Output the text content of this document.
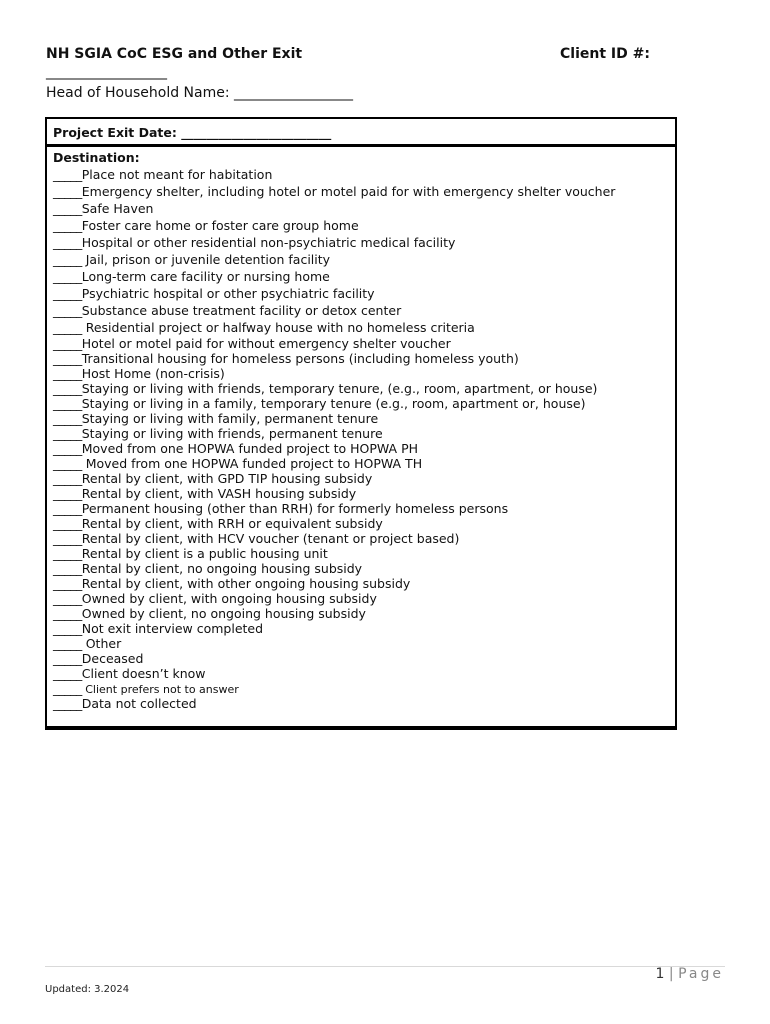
NH SGIA CoC ESG and Other Exit	Client ID #:
____________________
Head of Household Name: _________________
Project Exit Date: ________________________
Destination:
_____Place not meant for habitation
_____Emergency shelter, including hotel or motel paid for with emergency shelter voucher
_____Safe Haven
_____Foster care home or foster care group home
_____Hospital or other residential non-psychiatric medical facility
_____ Jail, prison or juvenile detention facility
_____Long-term care facility or nursing home
_____Psychiatric hospital or other psychiatric facility
_____Substance abuse treatment facility or detox center
_____ Residential project or halfway house with no homeless criteria
_____Hotel or motel paid for without emergency shelter voucher
_____Transitional housing for homeless persons (including homeless youth)
_____Host Home (non-crisis)
_____Staying or living with friends, temporary tenure, (e.g., room, apartment, or house)
_____Staying or living in a family, temporary tenure (e.g., room, apartment or, house)
_____Staying or living with family, permanent tenure
_____Staying or living with friends, permanent tenure
_____Moved from one HOPWA funded project to HOPWA PH
_____ Moved from one HOPWA funded project to HOPWA TH
_____Rental by client, with GPD TIP housing subsidy
_____Rental by client, with VASH housing subsidy
_____Permanent housing (other than RRH) for formerly homeless persons
_____Rental by client, with RRH or equivalent subsidy
_____Rental by client, with HCV voucher (tenant or project based)
_____Rental by client is a public housing unit
_____Rental by client, no ongoing housing subsidy
_____Rental by client, with other ongoing housing subsidy
_____Owned by client, with ongoing housing subsidy
_____Owned by client, no ongoing housing subsidy
_____Not exit interview completed
_____ Other
_____Deceased
_____Client doesn’t know
_____ Client prefers not to answer
_____Data not collected
1 | Page
Updated: 3.2024
